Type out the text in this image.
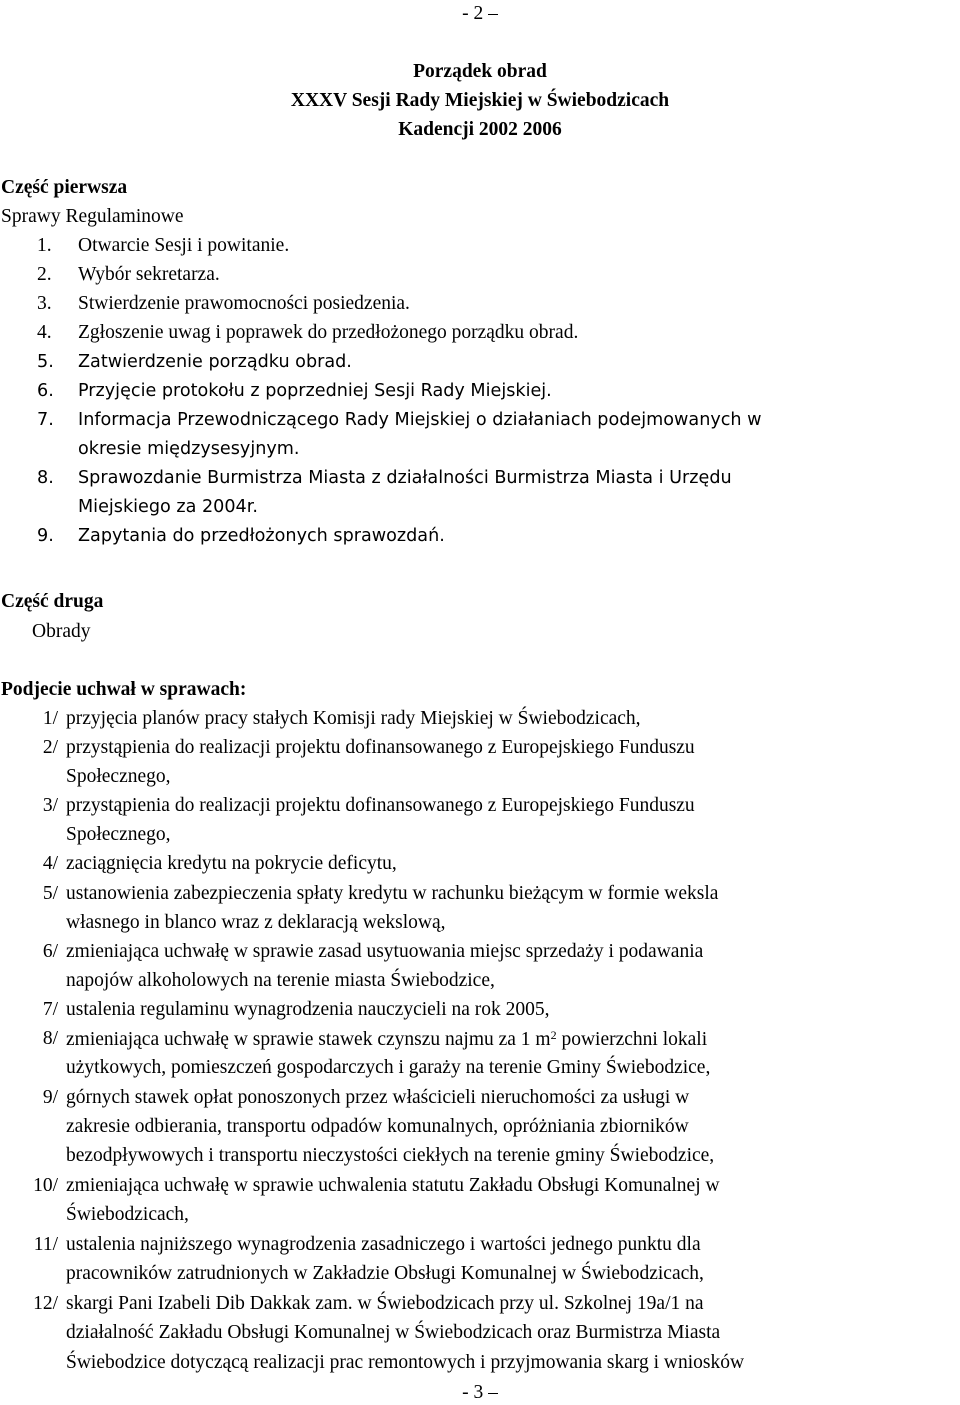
- 2 –
Porządek obrad
XXXV Sesji Rady Miejskiej w Świebodzicach
Kadencji 2002 2006
Część pierwsza
Sprawy Regulaminowe
1. Otwarcie Sesji i powitanie.
2. Wybór sekretarza.
3. Stwierdzenie prawomocności posiedzenia.
4. Zgłoszenie uwag i poprawek do przedłożonego porządku obrad.
5. Zatwierdzenie porządku obrad.
6. Przyjęcie protokołu z poprzedniej Sesji Rady Miejskiej.
7. Informacja Przewodniczącego Rady Miejskiej o działaniach podejmowanych w
okresie międzysesyjnym.
8. Sprawozdanie Burmistrza Miasta z działalności Burmistrza Miasta i Urzędu
Miejskiego za 2004r.
9. Zapytania do przedłożonych sprawozdań.
Część druga
Obrady
Podjecie uchwał w sprawach:
1/ przyjęcia planów pracy stałych Komisji rady Miejskiej w Świebodzicach,
2/ przystąpienia do realizacji projektu dofinansowanego z Europejskiego Funduszu
Społecznego,
3/ przystąpienia do realizacji projektu dofinansowanego z Europejskiego Funduszu
Społecznego,
4/ zaciągnięcia kredytu na pokrycie deficytu,
5/ ustanowienia zabezpieczenia spłaty kredytu w rachunku bieżącym w formie weksla
własnego in blanco wraz z deklaracją wekslową,
6/ zmieniająca uchwałę w sprawie zasad usytuowania miejsc sprzedaży i podawania
napojów alkoholowych na terenie miasta Świebodzice,
7/ ustalenia regulaminu wynagrodzenia nauczycieli na rok 2005,
8/ zmieniająca uchwałę w sprawie stawek czynszu najmu za 1 $m^2$ powierzchni lokali
użytkowych, pomieszczeń gospodarczych i garaży na terenie Gminy Świebodzice,
9/ górnych stawek opłat ponoszonych przez właścicieli nieruchomości za usługi w
zakresie odbierania, transportu odpadów komunalnych, opróżniania zbiorników
bezodpływowych i transportu nieczystości ciekłych na terenie gminy Świebodzice,
10/ zmieniająca uchwałę w sprawie uchwalenia statutu Zakładu Obsługi Komunalnej w
Świebodzicach,
11/ ustalenia najniższego wynagrodzenia zasadniczego i wartości jednego punktu dla
pracowników zatrudnionych w Zakładzie Obsługi Komunalnej w Świebodzicach,
12/ skargi Pani Izabeli Dib Dakkak zam. w Świebodzicach przy ul. Szkolnej 19a/1 na
działalność Zakładu Obsługi Komunalnej w Świebodzicach oraz Burmistrza Miasta
Świebodzice dotyczącą realizacji prac remontowych i przyjmowania skarg i wniosków
- 3 –
